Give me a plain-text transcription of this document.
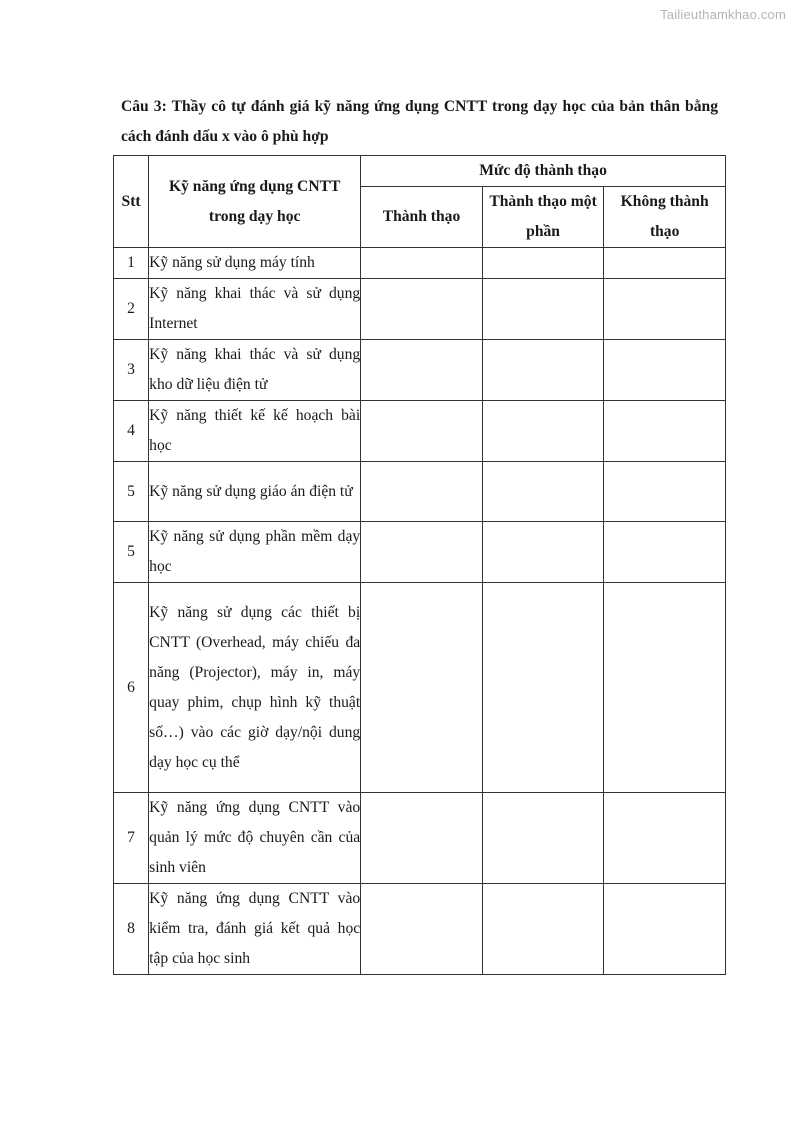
Tailieuthamkhao.com
Câu 3: Thầy cô tự đánh giá kỹ năng ứng dụng CNTT trong dạy học của bản thân bằng cách đánh dấu x vào ô phù hợp
Stt	Kỹ năng ứng dụng CNTT trong dạy học	Mức độ thành thạo		
		Thành thạo	Thành thạo một phần	Không thành thạo
1	Kỹ năng sử dụng máy tính			
2	Kỹ năng khai thác và sử dụng Internet			
3	Kỹ năng khai thác và sử dụng kho dữ liệu điện tử			
4	Kỹ năng thiết kế kế hoạch bài học			
5	Kỹ năng sử dụng giáo án điện tử			
5	Kỹ năng sử dụng phần mềm dạy học			
6	Kỹ năng sử dụng các thiết bị CNTT (Overhead, máy chiếu đa năng (Projector), máy in, máy quay phim, chụp hình kỹ thuật số…) vào các giờ dạy/nội dung dạy học cụ thể			
7	Kỹ năng ứng dụng CNTT vào quản lý mức độ chuyên cần của sinh viên			
8	Kỹ năng ứng dụng CNTT vào kiểm tra, đánh giá kết quả học tập của học sinh			
